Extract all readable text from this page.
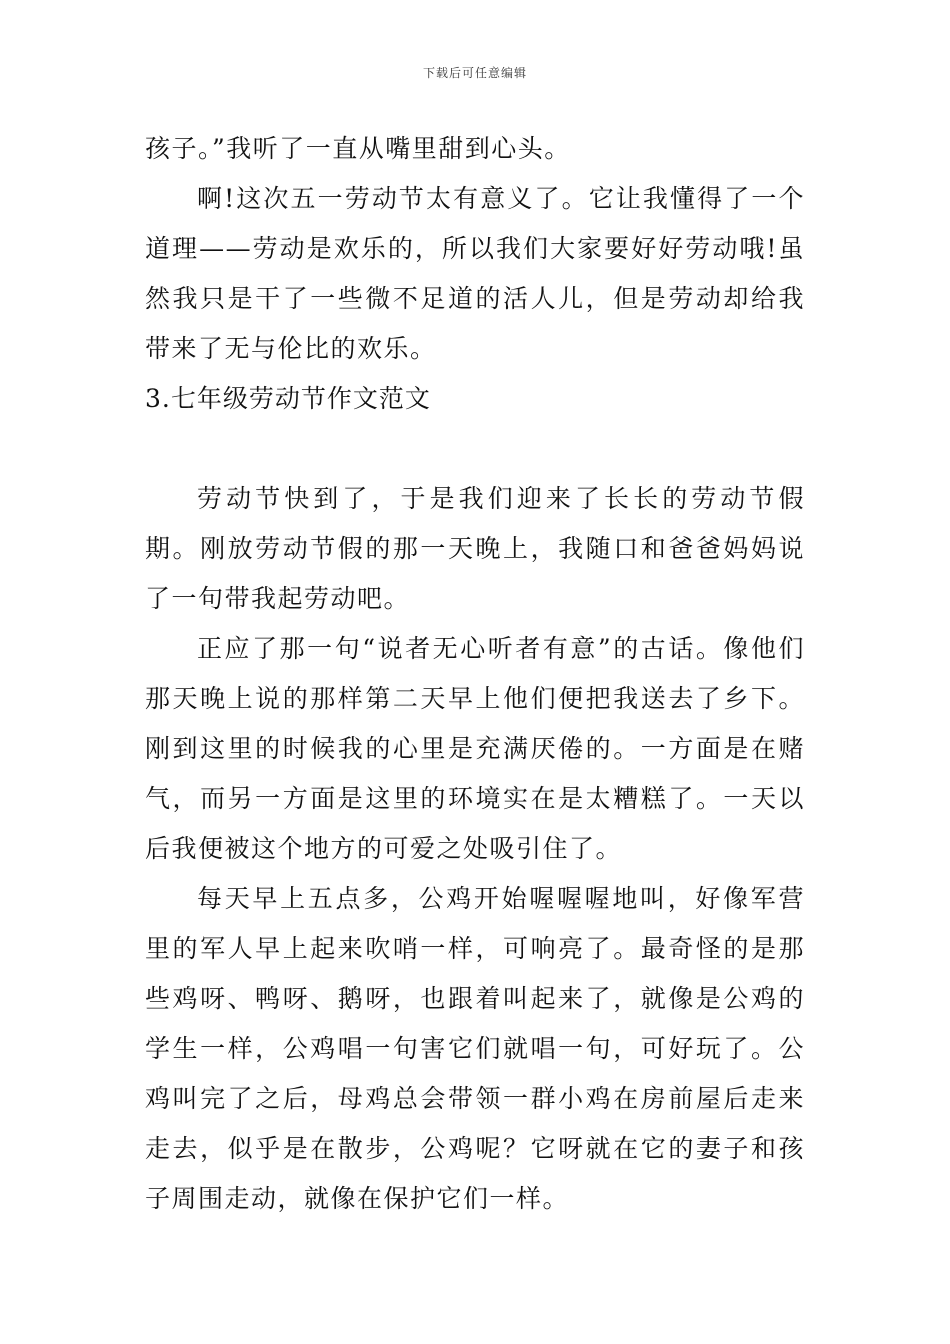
下载后可任意编辑

孩子。”我听了一直从嘴里甜到心头。

啊!这次五一劳动节太有意义了。它让我懂得了一个道理——劳动是欢乐的，所以我们大家要好好劳动哦!虽然我只是干了一些微不足道的活人儿，但是劳动却给我带来了无与伦比的欢乐。

3.七年级劳动节作文范文

劳动节快到了，于是我们迎来了长长的劳动节假期。刚放劳动节假的那一天晚上，我随口和爸爸妈妈说了一句带我起劳动吧。

正应了那一句“说者无心听者有意”的古话。像他们那天晚上说的那样第二天早上他们便把我送去了乡下。刚到这里的时候我的心里是充满厌倦的。一方面是在赌气，而另一方面是这里的环境实在是太糟糕了。一天以后我便被这个地方的可爱之处吸引住了。

每天早上五点多，公鸡开始喔喔喔地叫，好像军营里的军人早上起来吹哨一样，可响亮了。最奇怪的是那些鸡呀、鸭呀、鹅呀，也跟着叫起来了，就像是公鸡的学生一样，公鸡唱一句害它们就唱一句，可好玩了。公鸡叫完了之后，母鸡总会带领一群小鸡在房前屋后走来走去，似乎是在散步，公鸡呢？它呀就在它的妻子和孩子周围走动，就像在保护它们一样。
